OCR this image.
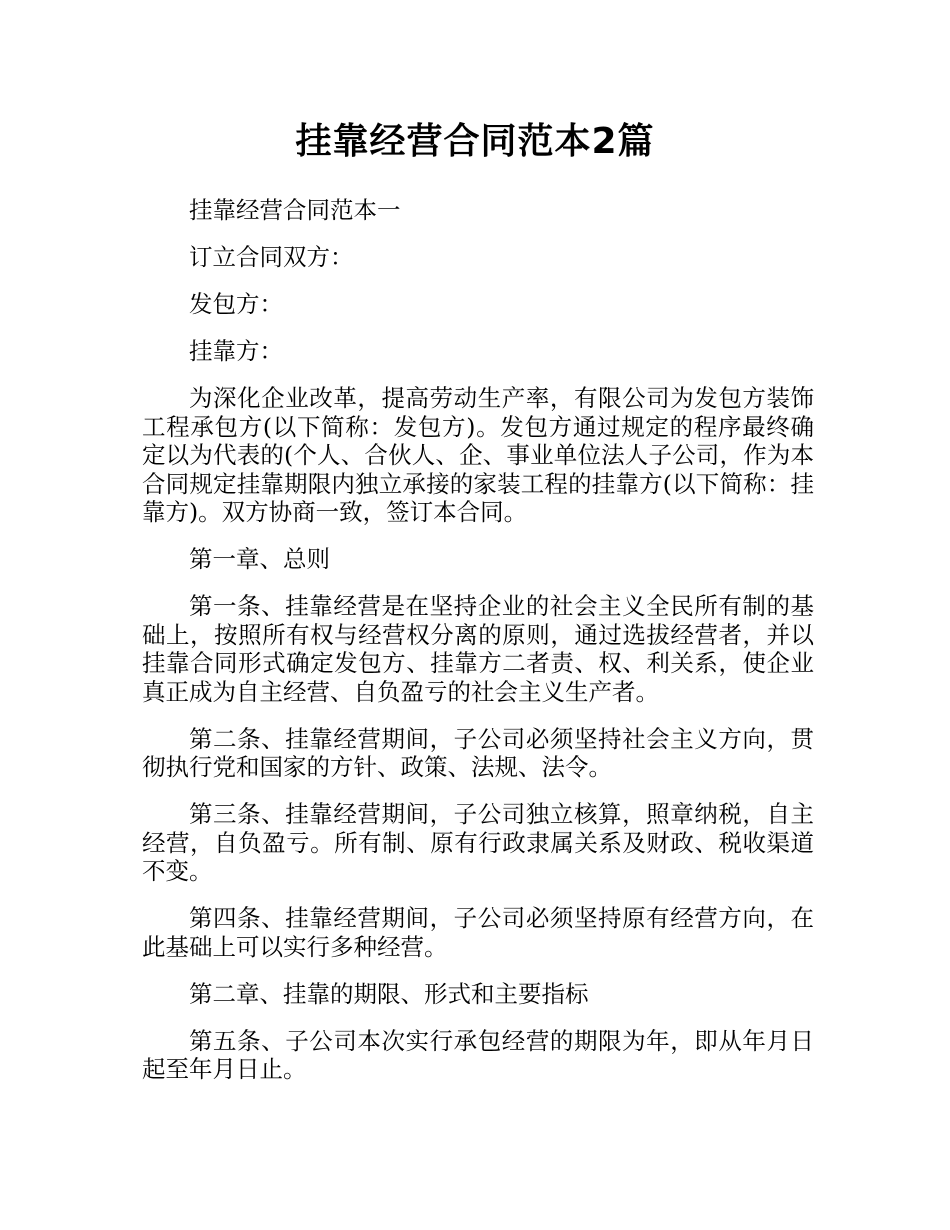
挂靠经营合同范本2篇

挂靠经营合同范本一

订立合同双方：

发包方：

挂靠方：

为深化企业改革，提高劳动生产率，有限公司为发包方装饰工程承包方(以下简称：发包方)。发包方通过规定的程序最终确定以为代表的(个人、合伙人、企、事业单位法人子公司，作为本合同规定挂靠期限内独立承接的家装工程的挂靠方(以下简称：挂靠方)。双方协商一致，签订本合同。

第一章、总则

第一条、挂靠经营是在坚持企业的社会主义全民所有制的基础上，按照所有权与经营权分离的原则，通过选拔经营者，并以挂靠合同形式确定发包方、挂靠方二者责、权、利关系，使企业真正成为自主经营、自负盈亏的社会主义生产者。

第二条、挂靠经营期间，子公司必须坚持社会主义方向，贯彻执行党和国家的方针、政策、法规、法令。

第三条、挂靠经营期间，子公司独立核算，照章纳税，自主经营，自负盈亏。所有制、原有行政隶属关系及财政、税收渠道不变。

第四条、挂靠经营期间，子公司必须坚持原有经营方向，在此基础上可以实行多种经营。

第二章、挂靠的期限、形式和主要指标

第五条、子公司本次实行承包经营的期限为年，即从年月日起至年月日止。
